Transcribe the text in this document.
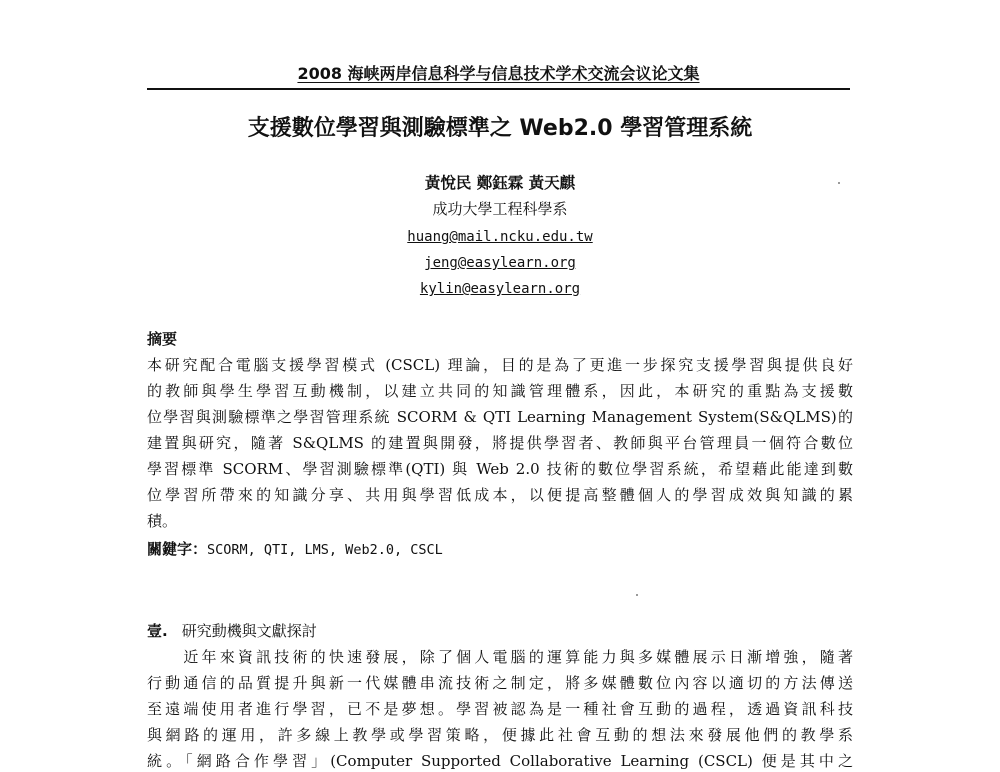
2008 海峡两岸信息科学与信息技术学术交流会议论文集
支援數位學習與測驗標準之 Web2.0 學習管理系統
黃悅民 鄭鈺霖 黃天麒
成功大學工程科學系
huang@mail.ncku.edu.tw
jeng@easylearn.org
kylin@easylearn.org
摘要
本研究配合電腦支援學習模式 (CSCL) 理論，目的是為了更進一步探究支援學習與提供良好
的教師與學生學習互動機制，以建立共同的知識管理體系，因此，本研究的重點為支援數
位學習與測驗標準之學習管理系統 SCORM & QTI Learning Management System(S&QLMS)的
建置與研究，隨著 S&QLMS 的建置與開發，將提供學習者、教師與平台管理員一個符合數位
學習標準 SCORM、學習測驗標準(QTI) 與 Web 2.0 技術的數位學習系統，希望藉此能達到數
位學習所帶來的知識分享、共用與學習低成本，以便提高整體個人的學習成效與知識的累
積。
關鍵字：SCORM, QTI, LMS, Web2.0, CSCL
壹. 研究動機與文獻探討
　　近年來資訊技術的快速發展，除了個人電腦的運算能力與多媒體展示日漸增強，隨著
行動通信的品質提升與新一代媒體串流技術之制定，將多媒體數位內容以適切的方法傳送
至遠端使用者進行學習，已不是夢想。學習被認為是一種社會互動的過程，透過資訊科技
與網路的運用，許多線上教學或學習策略，便據此社會互動的想法來發展他們的教學系
統。「網路合作學習」(Computer Supported Collaborative Learning (CSCL) 便是其中之
